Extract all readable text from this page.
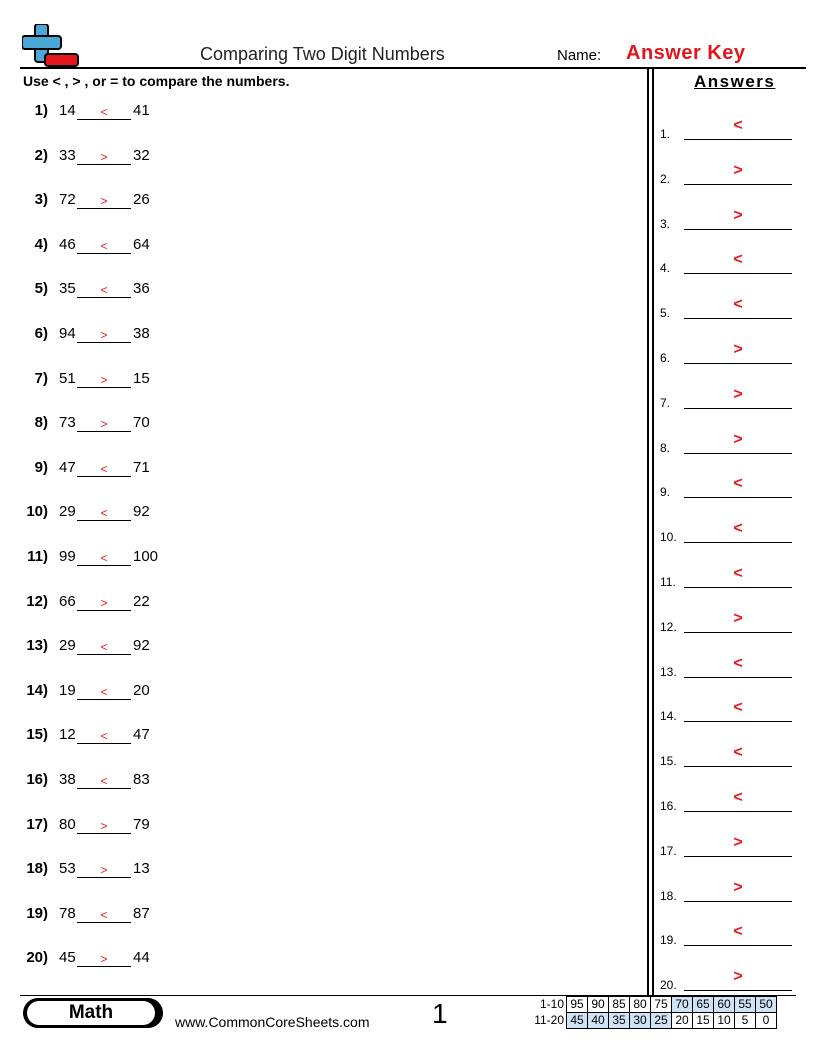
Comparing Two Digit Numbers	Name: Answer Key
Use < , > , or = to compare the numbers.	Answers
1) 14	<	41
2) 33	>	32
3) 72	>	26
4) 46	<	64
5) 35	<	36
6) 94	>	38
7) 51	>	15
8) 73	>	70
9) 47	<	71
10) 29	<	92
11) 99	<	100
12) 66	>	22
13) 29	<	92
14) 19	<	20
15) 12	<	47
16) 38	<	83
17) 80	>	79
18) 53	>	13
19) 78	<	87
20) 45	>	44
1.	<
2.	>
3.	>
4.	<
5.	<
6.	>
7.	>
8.	>
9.	<
10.	<
11.	<
12.	>
13.	<
14.	<
15.	<
16.	<
17.	>
18.	>
19.	<
20.	>
Math	www.CommonCoreSheets.com 1	1-10	95	90	85	80	75	70	65	60	55	50
11-20	45	40	35	30	25	20	15	10	5	0
